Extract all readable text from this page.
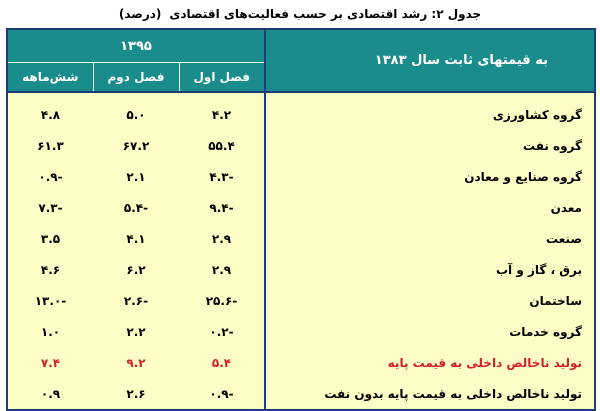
جدول ۲: رشد اقتصادی بر حسب فعالیت‌های اقتصادی
(درصد)
به قیمتهای ثابت سال ۱۳۸۳	۱۳۹۵		
	فصل اول	فصل دوم	شش‌ماهه
گروه کشاورزی	۴.۲	۵.۰	۴.۸
گروه نفت	۵۵.۴	۶۷.۲	۶۱.۳
گروه صنایع و معادن	-۴.۳	۲.۱	-۰.۹
معدن	-۹.۴	-۵.۴	-۷.۳
صنعت	۲.۹	۴.۱	۳.۵
برق ، گاز و آب	۲.۹	۶.۲	۴.۶
ساختمان	-۲۵.۶	-۲.۶	-۱۳.۰
گروه خدمات	-۰.۲	۲.۲	۱.۰
تولید ناخالص داخلی به قیمت پایه	۵.۴	۹.۲	۷.۴
تولید ناخالص داخلی به قیمت پایه بدون نفت	-۰.۹	۲.۶	۰.۹
